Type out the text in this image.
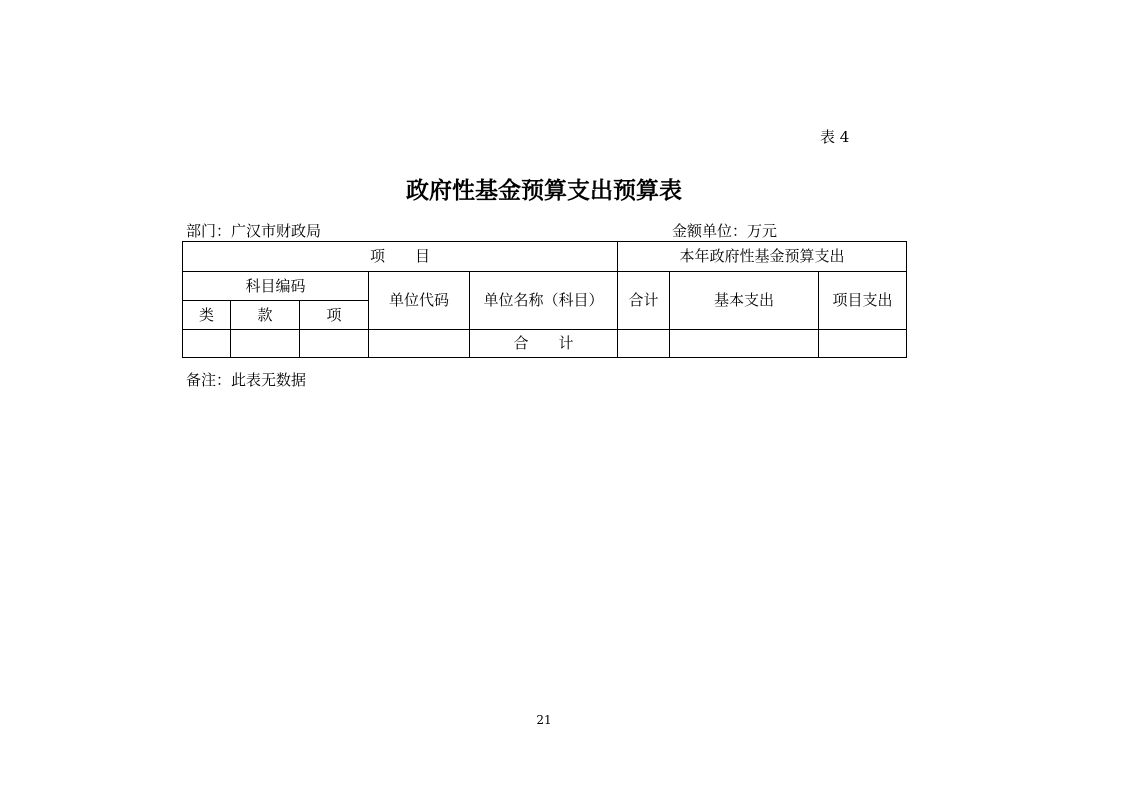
表 4
政府性基金预算支出预算表
部门：广汉市财政局	金额单位：万元
项　　目					本年政府性基金预算支出		
科目编码			单位代码	单位名称（科目）	合计	基本支出	项目支出
类	款	项					
				合　　计			
备注：此表无数据
21
